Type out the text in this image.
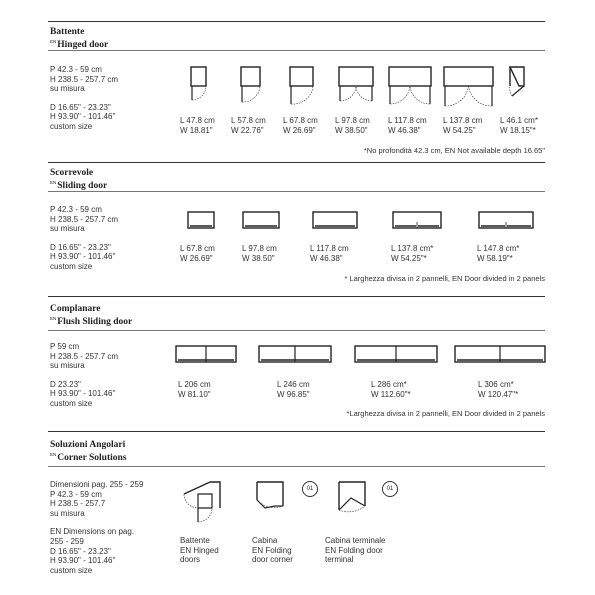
Battente
$^{EN}$Hinged door
P 42.3 - 59 cm
H 238.5 - 257.7 cm
su misura
D 16.65" - 23.23"
H 93.90" - 101.46"
custom size
L 47.8 cm
W 18.81"
L 57.8 cm
W 22.76"
L 67.8 cm
W 26.69"
L 97.8 cm
W 38.50"
L 117.8 cm
W 46.38"
L 137.8 cm
W 54.25"
L 46.1 cm*
W 18.15"*
*No profondità 42.3 cm, EN Not available depth 16.65"
Scorrevole
$^{EN}$Sliding door
P 42.3 - 59 cm
H 238.5 - 257.7 cm
su misura
D 16.65" - 23.23"
H 93.90" - 101.46"
custom size
L 67.8 cm
W 26.69"
L 97.8 cm
W 38.50"
L 117.8 cm
W 46.38"
L 137.8 cm*
W 54.25"*
L 147.8 cm*
W 58.19"*
* Larghezza divisa in 2 pannelli, EN Door divided in 2 panels
Complanare
$^{EN}$Flush Sliding door
P 59 cm
H 238.5 - 257.7 cm
su misura
D 23.23"
H 93.90" - 101.46"
custom size
L 206 cm
W 81.10"
L 246 cm
W 96.85"
L 286 cm*
W 112.60"*
L 306 cm*
W 120.47"*
*Larghezza divisa in 2 pannelli, EN Door divided in 2 panels
Soluzioni Angolari
$^{EN}$Corner Solutions
Dimensioni pag. 255 - 259
P 42.3 - 59 cm
H 238.5 - 257.7
su misura
EN Dimensions on pag.
255 - 259
D 16.65" - 23.23"
H 93.90" - 101.46"
custom size
01	01
Battente
EN Hinged
doors
Cabina
EN Folding
door corner
Cabina terminale
EN Folding door
terminal
